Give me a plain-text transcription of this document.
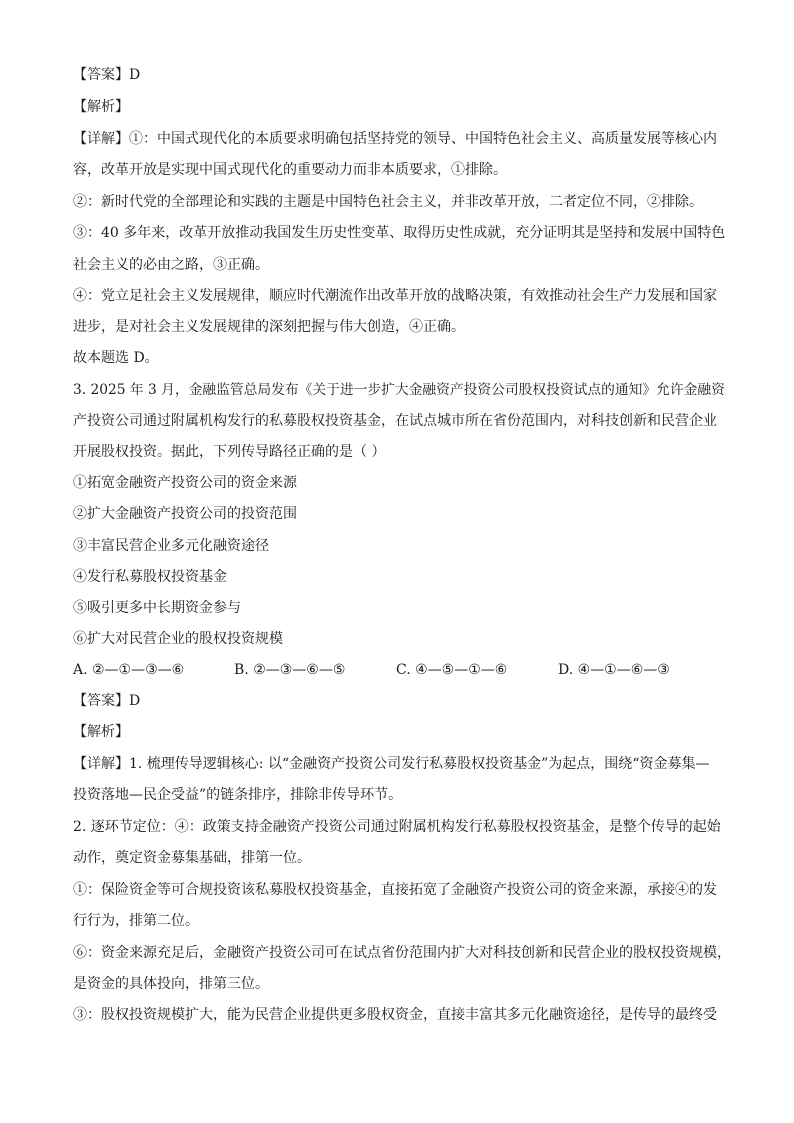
【答案】D
【解析】
【详解】①：中国式现代化的本质要求明确包括坚持党的领导、中国特色社会主义、高质量发展等核心内
容，改革开放是实现中国式现代化的重要动力而非本质要求，①排除。
②：新时代党的全部理论和实践的主题是中国特色社会主义，并非改革开放，二者定位不同，②排除。
③：40 多年来，改革开放推动我国发生历史性变革、取得历史性成就，充分证明其是坚持和发展中国特色
社会主义的必由之路，③正确。
④：党立足社会主义发展规律，顺应时代潮流作出改革开放的战略决策，有效推动社会生产力发展和国家
进步，是对社会主义发展规律的深刻把握与伟大创造，④正确。
故本题选 D。
3. 2025 年 3 月，金融监管总局发布《关于进一步扩大金融资产投资公司股权投资试点的通知》允许金融资
产投资公司通过附属机构发行的私募股权投资基金，在试点城市所在省份范围内，对科技创新和民营企业
开展股权投资。据此，下列传导路径正确的是（ ）
①拓宽金融资产投资公司的资金来源
②扩大金融资产投资公司的投资范围
③丰富民营企业多元化融资途径
④发行私募股权投资基金
⑤吸引更多中长期资金参与
⑥扩大对民营企业的股权投资规模
A. ②—①—③—⑥	B. ②—③—⑥—⑤	C. ④—⑤—①—⑥	D. ④—①—⑥—③
【答案】D
【解析】
【详解】1. 梳理传导逻辑核心: 以“金融资产投资公司发行私募股权投资基金”为起点，围绕“资金募集—
投资落地—民企受益”的链条排序，排除非传导环节。
2. 逐环节定位：④：政策支持金融资产投资公司通过附属机构发行私募股权投资基金，是整个传导的起始
动作，奠定资金募集基础，排第一位。
①：保险资金等可合规投资该私募股权投资基金，直接拓宽了金融资产投资公司的资金来源，承接④的发
行行为，排第二位。
⑥：资金来源充足后，金融资产投资公司可在试点省份范围内扩大对科技创新和民营企业的股权投资规模，
是资金的具体投向，排第三位。
③：股权投资规模扩大，能为民营企业提供更多股权资金，直接丰富其多元化融资途径，是传导的最终受
